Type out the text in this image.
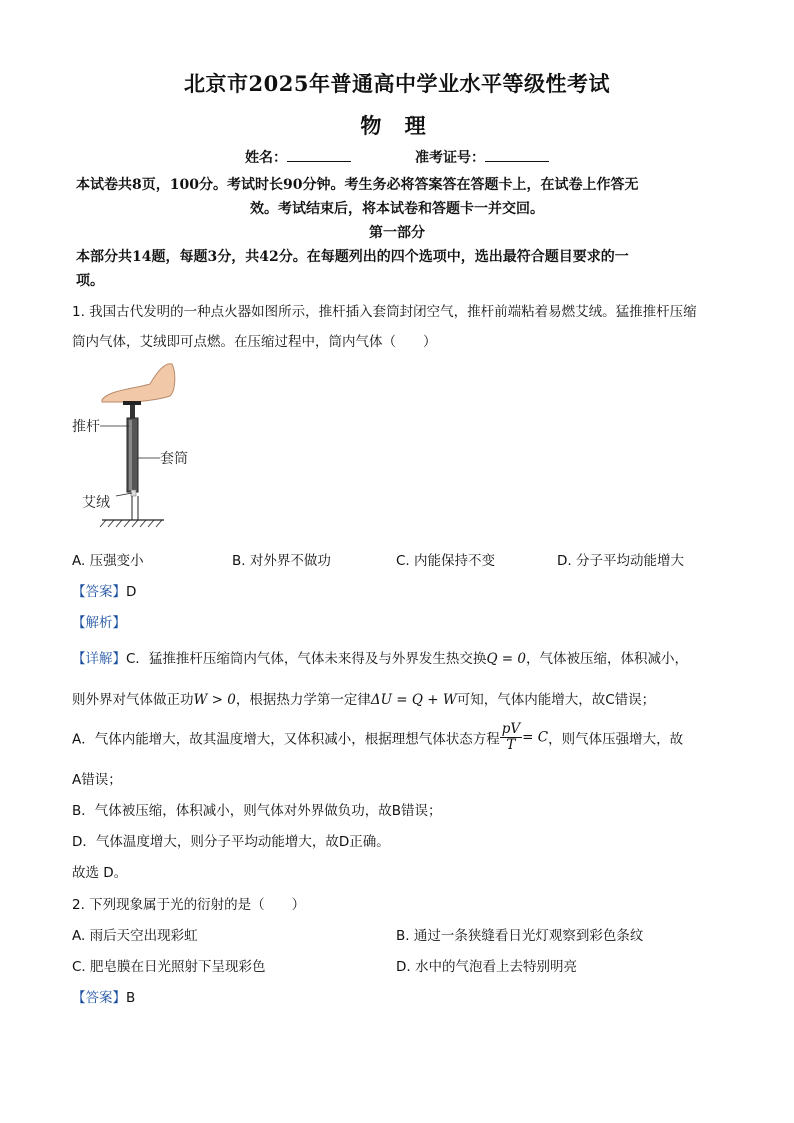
北京市2025年普通高中学业水平等级性考试
物 理
姓名：	准考证号：
本试卷共8页，100分。考试时长90分钟。考生务必将答案答在答题卡上，在试卷上作答无
效。考试结束后，将本试卷和答题卡一并交回。
第一部分
本部分共14题，每题3分，共42分。在每题列出的四个选项中，选出最符合题目要求的一
项。
1. 我国古代发明的一种点火器如图所示，推杆插入套筒封闭空气，推杆前端粘着易燃艾绒。猛推推杆压缩
筒内气体，艾绒即可点燃。在压缩过程中，筒内气体（　　）
推杆
套筒
艾绒
A. 压强变小	B. 对外界不做功	C. 内能保持不变	D. 分子平均动能增大
【答案】D
【解析】
【详解】C．猛推推杆压缩筒内气体，气体未来得及与外界发生热交换Q = 0，气体被压缩，体积减小，
则外界对气体做正功W > 0，根据热力学第一定律ΔU = Q + W可知，气体内能增大，故C错误；
A．气体内能增大，故其温度增大，又体积减小，根据理想气体状态方程 $\frac{pV}{T} = C$，则气体压强增大，故
A错误；
B．气体被压缩，体积减小，则气体对外界做负功，故B错误；
D．气体温度增大，则分子平均动能增大，故D正确。
故选 D。
2. 下列现象属于光的衍射的是（　　）
A. 雨后天空出现彩虹	B. 通过一条狭缝看日光灯观察到彩色条纹
C. 肥皂膜在日光照射下呈现彩色	D. 水中的气泡看上去特别明亮
【答案】B
